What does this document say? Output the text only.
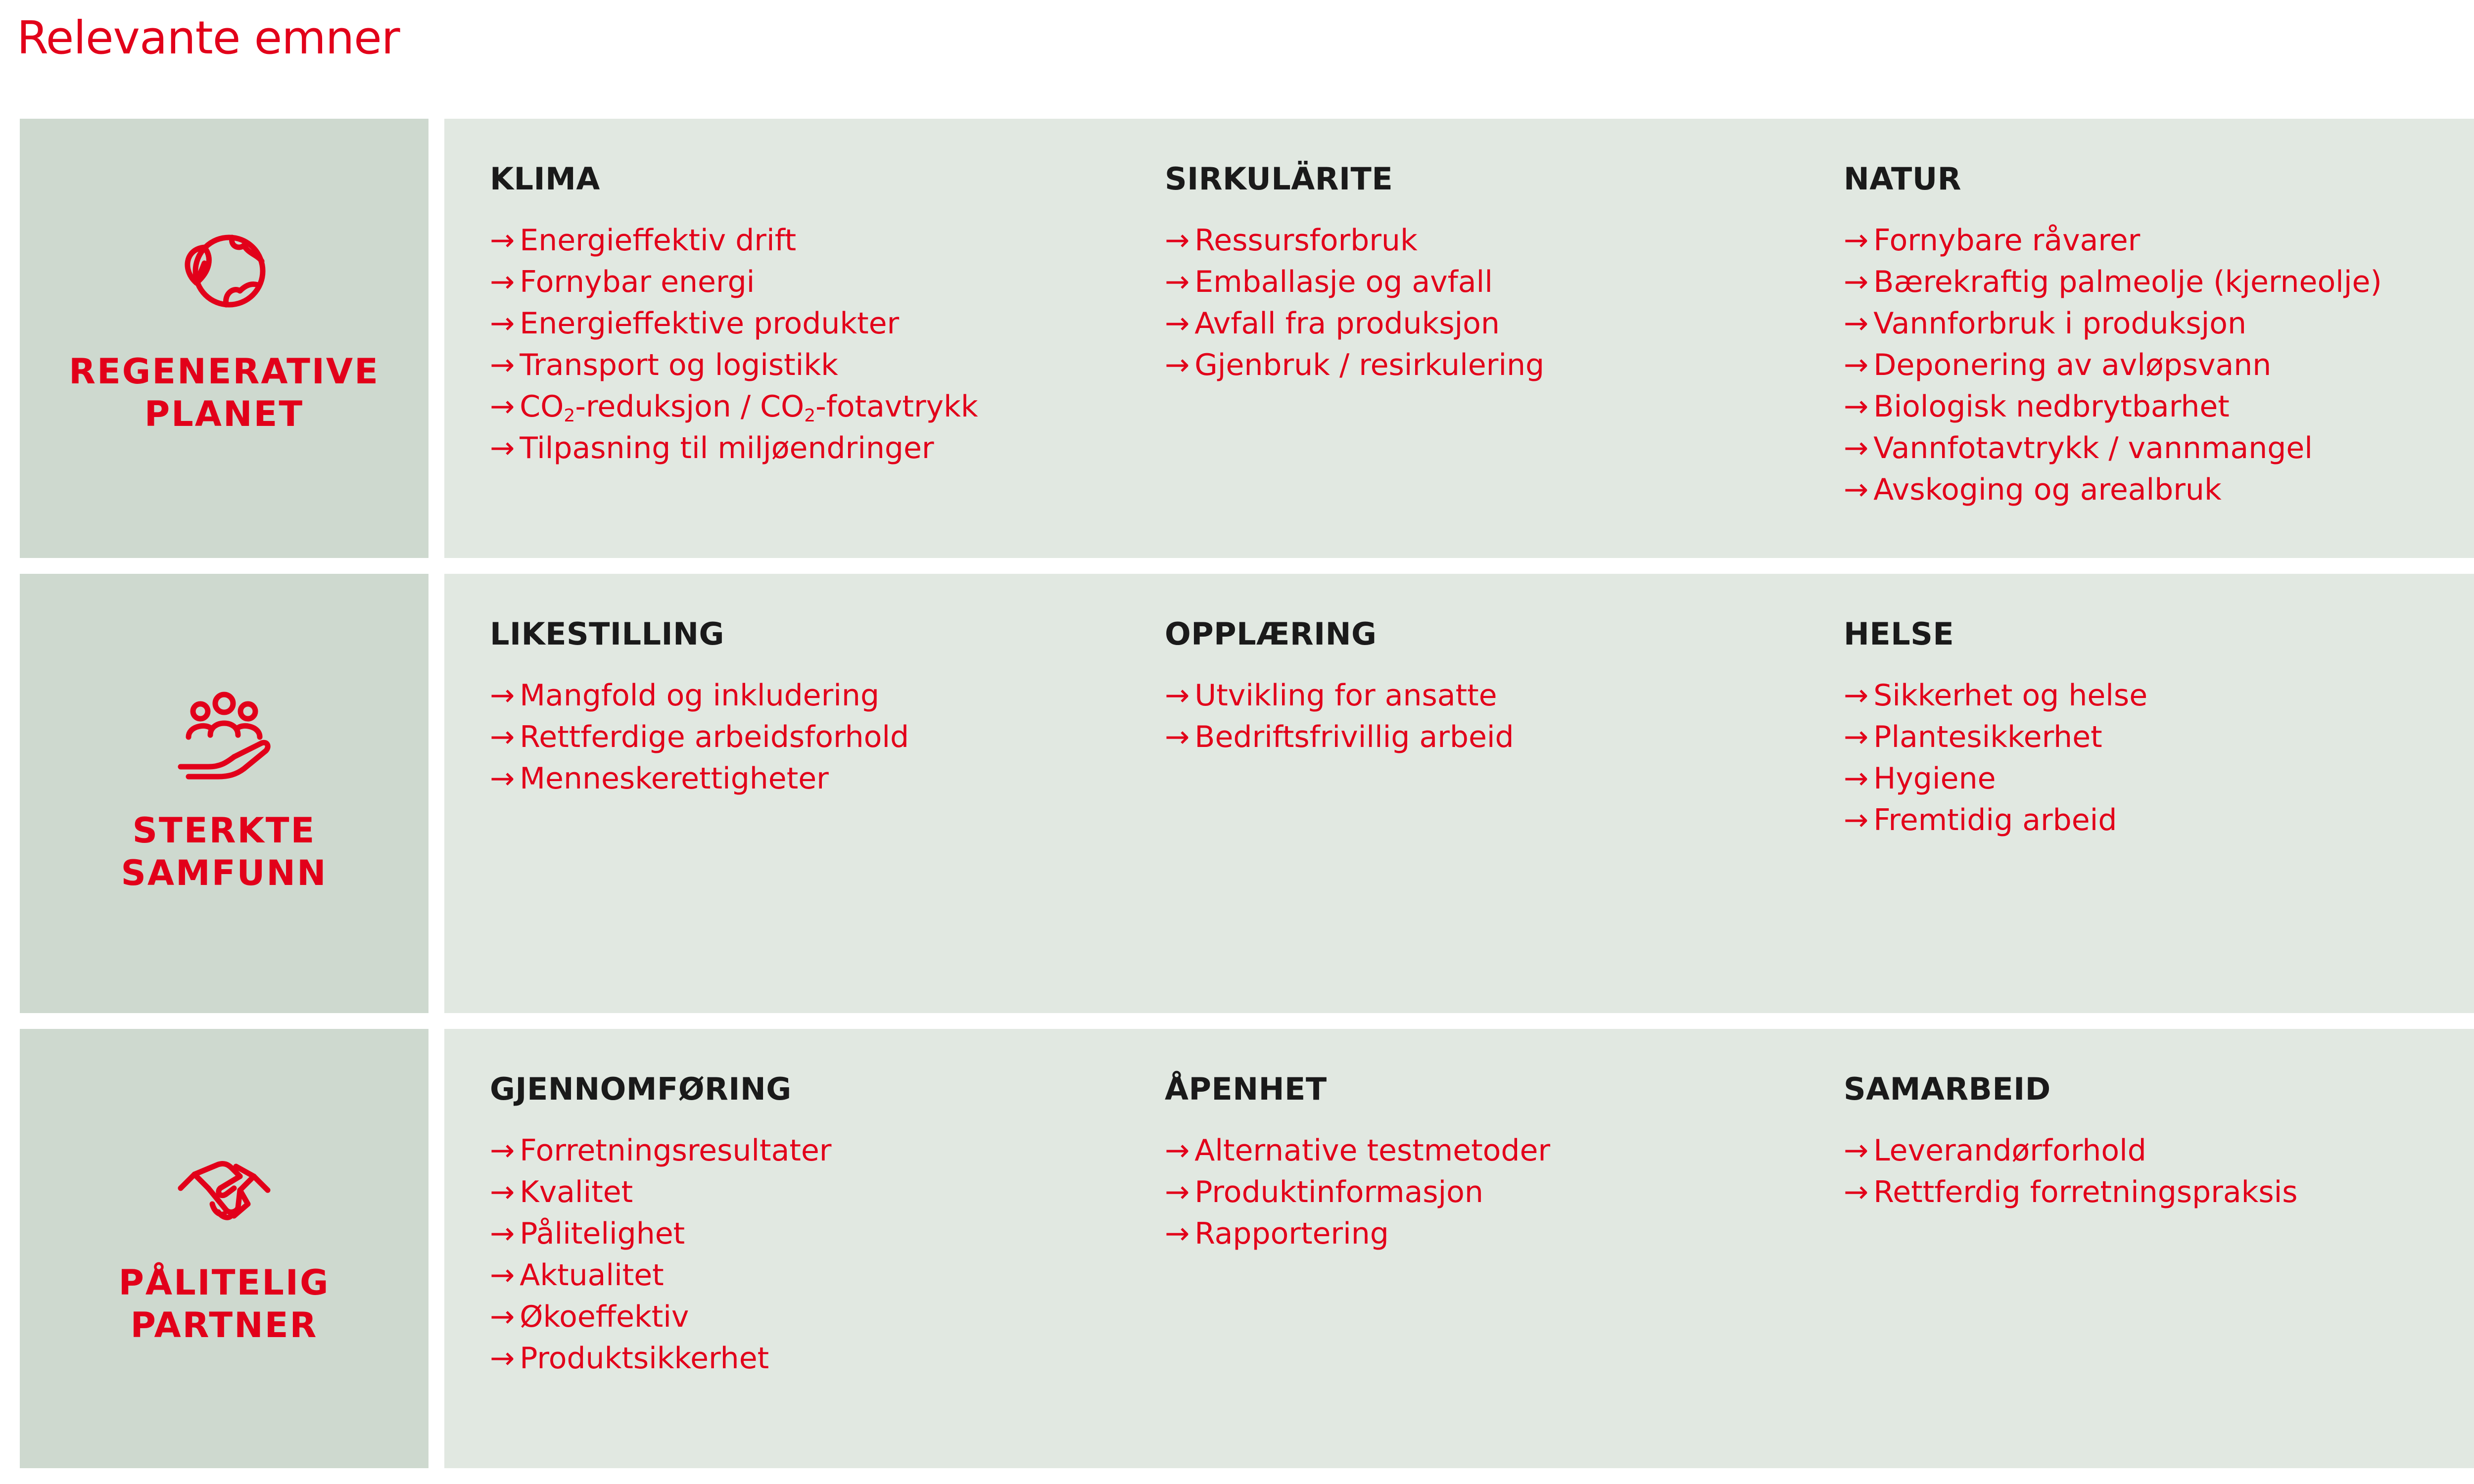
Relevante emner
REGENERATIVE
PLANET
KLIMA
→ Energieffektiv drift
→ Fornybar energi
→ Energieffektive produkter
→ Transport og logistikk
→ $CO_2$-reduksjon / $CO_2$-fotavtrykk
→ Tilpasning til miljøendringer
SIRKULÄRITE
→ Ressursforbruk
→ Emballasje og avfall
→ Avfall fra produksjon
→ Gjenbruk / resirkulering
NATUR
→ Fornybare råvarer
→ Bærekraftig palmeolje (kjerneolje)
→ Vannforbruk i produksjon
→ Deponering av avløpsvann
→ Biologisk nedbrytbarhet
→ Vannfotavtrykk / vannmangel
→ Avskoging og arealbruk
STERKTE
SAMFUNN
LIKESTILLING
→ Mangfold og inkludering
→ Rettferdige arbeidsforhold
→ Menneskerettigheter
OPPLÆRING
→ Utvikling for ansatte
→ Bedriftsfrivillig arbeid
HELSE
→ Sikkerhet og helse
→ Plantesikkerhet
→ Hygiene
→ Fremtidig arbeid
PÅLITELIG
PARTNER
GJENNOMFØRING
→ Forretningsresultater
→ Kvalitet
→ Pålitelighet
→ Aktualitet
→ Økoeffektiv
→ Produktsikkerhet
ÅPENHET
→ Alternative testmetoder
→ Produktinformasjon
→ Rapportering
SAMARBEID
→ Leverandørforhold
→ Rettferdig forretningspraksis
